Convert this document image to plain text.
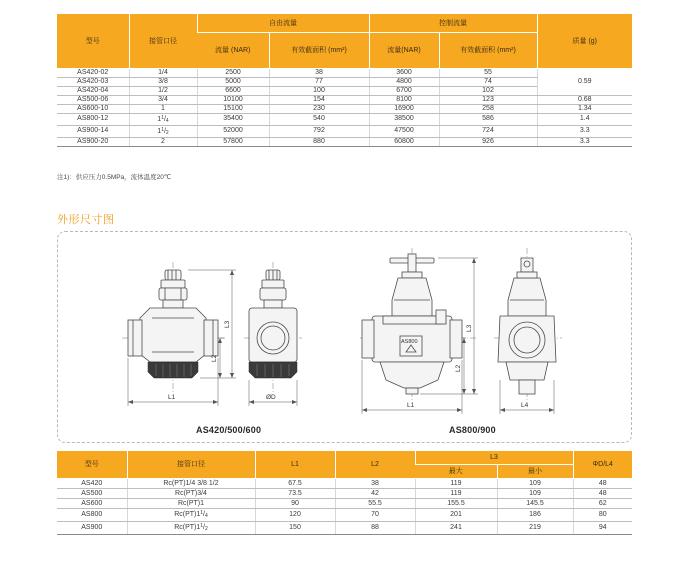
型号	接管口径	自由流量		控制流量		质量 (g)
		流量 (NAR)	有效截面积 (mm²)	流量(NAR)	有效截面积 (mm²)	
AS420-02	1/4	2500	38	3600	55	0.59
AS420-03	3/8	5000	77	4800	74	
AS420-04	1/2	6600	100	6700	102	
AS500-06	3/4	10100	154	8100	123	0.68
AS600-10	1	15100	230	16900	258	1.34
AS800-12	$1^1/_4$	35400	540	38500	586	1.4
AS900-14	$1^1/_2$	52000	792	47500	724	3.3
AS900-20	2	57800	880	60800	926	3.3
注1)：供应压力0.5MPa，流体温度20℃
外形尺寸图
L3
L2
L1	ØD
AS800
L3
L2
L1	L4
AS420/500/600	AS800/900
型号	接管口径	L1	L2	L3		ΦD/L4
				最大	最小	
AS420	Rc(PT)1/4 3/8 1/2	67.5	38	119	109	48
AS500	Rc(PT)3/4	73.5	42	119	109	48
AS600	Rc(PT)1	90	55.5	155.5	145.5	62
AS800	$Rc(PT)1^1/_4$	120	70	201	186	80
AS900	$Rc(PT)1^1/_2$	150	88	241	219	94
